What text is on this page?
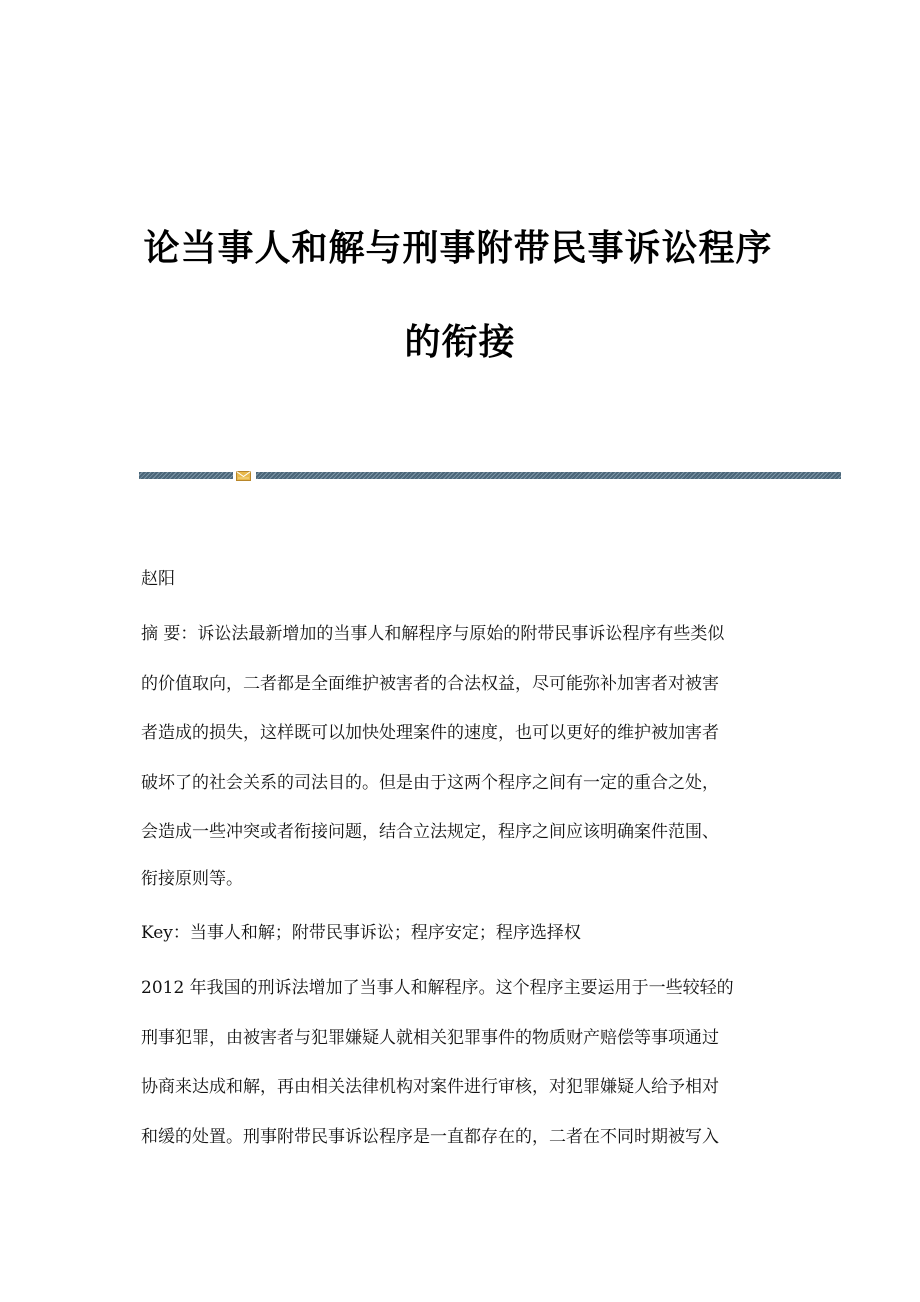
论当事人和解与刑事附带民事诉讼程序
的衔接
赵阳
摘 要：诉讼法最新增加的当事人和解程序与原始的附带民事诉讼程序有些类似
的价值取向，二者都是全面维护被害者的合法权益，尽可能弥补加害者对被害
者造成的损失，这样既可以加快处理案件的速度，也可以更好的维护被加害者
破坏了的社会关系的司法目的。但是由于这两个程序之间有一定的重合之处，
会造成一些冲突或者衔接问题，结合立法规定，程序之间应该明确案件范围、
衔接原则等。
Key：当事人和解；附带民事诉讼；程序安定；程序选择权
2012 年我国的刑诉法增加了当事人和解程序。这个程序主要运用于一些较轻的
刑事犯罪，由被害者与犯罪嫌疑人就相关犯罪事件的物质财产赔偿等事项通过
协商来达成和解，再由相关法律机构对案件进行审核，对犯罪嫌疑人给予相对
和缓的处置。刑事附带民事诉讼程序是一直都存在的，二者在不同时期被写入
